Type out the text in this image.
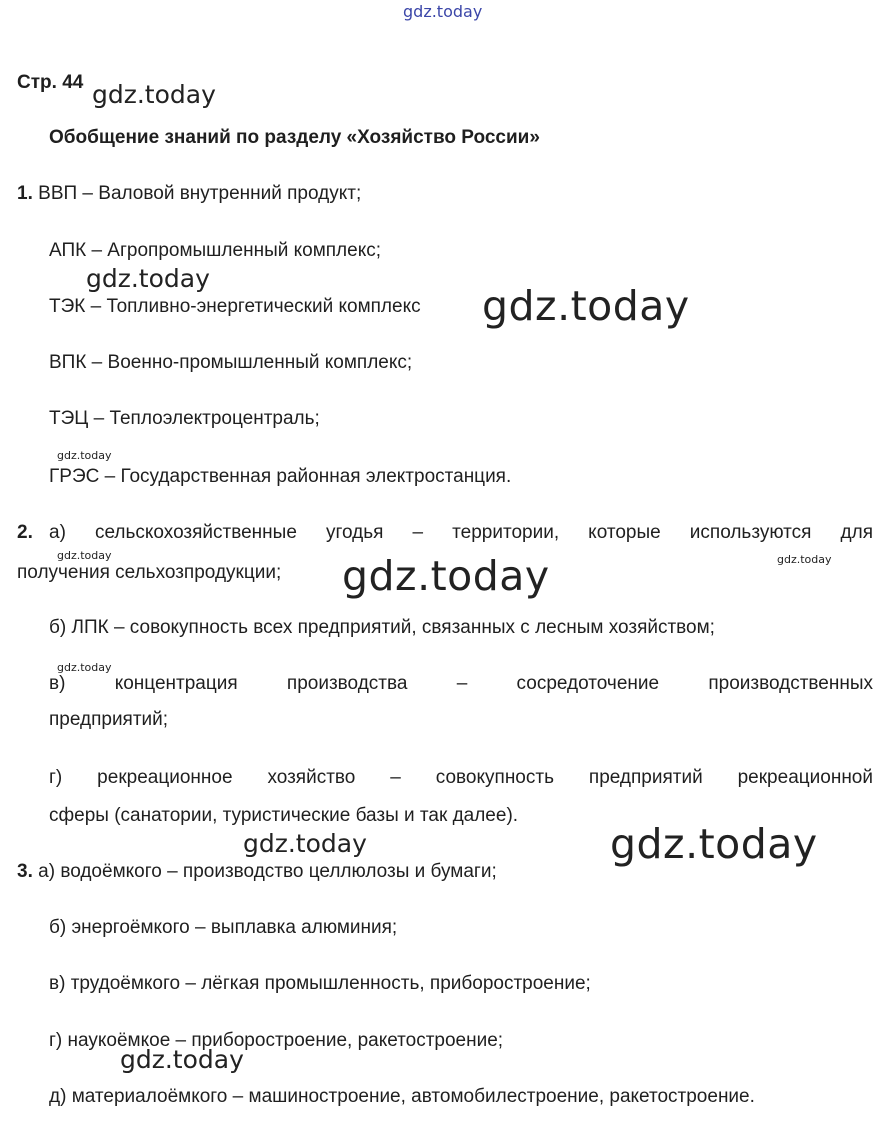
gdz.today
gdz.today
gdz.today
gdz.today
gdz.today
gdz.today	gdz.today
gdz.today
gdz.today
gdz.today	gdz.today
gdz.today
Стр. 44
Обобщение знаний по разделу «Хозяйство России»
1. ВВП – Валовой внутренний продукт;
АПК – Агропромышленный комплекс;
ТЭК – Топливно-энергетический комплекс
ВПК – Военно-промышленный комплекс;
ТЭЦ – Теплоэлектроцентраль;
ГРЭС – Государственная районная электростанция.
2. а) сельскохозяйственные угодья – территории, которые используются для
получения сельхозпродукции;
б) ЛПК – совокупность всех предприятий, связанных с лесным хозяйством;
в) концентрация производства – сосредоточение производственных
предприятий;
г) рекреационное хозяйство – совокупность предприятий рекреационной
сферы (санатории, туристические базы и так далее).
3. а) водоёмкого – производство целлюлозы и бумаги;
б) энергоёмкого – выплавка алюминия;
в) трудоёмкого – лёгкая промышленность, приборостроение;
г) наукоёмкое – приборостроение, ракетостроение;
д) материалоёмкого – машиностроение, автомобилестроение, ракетостроение.
